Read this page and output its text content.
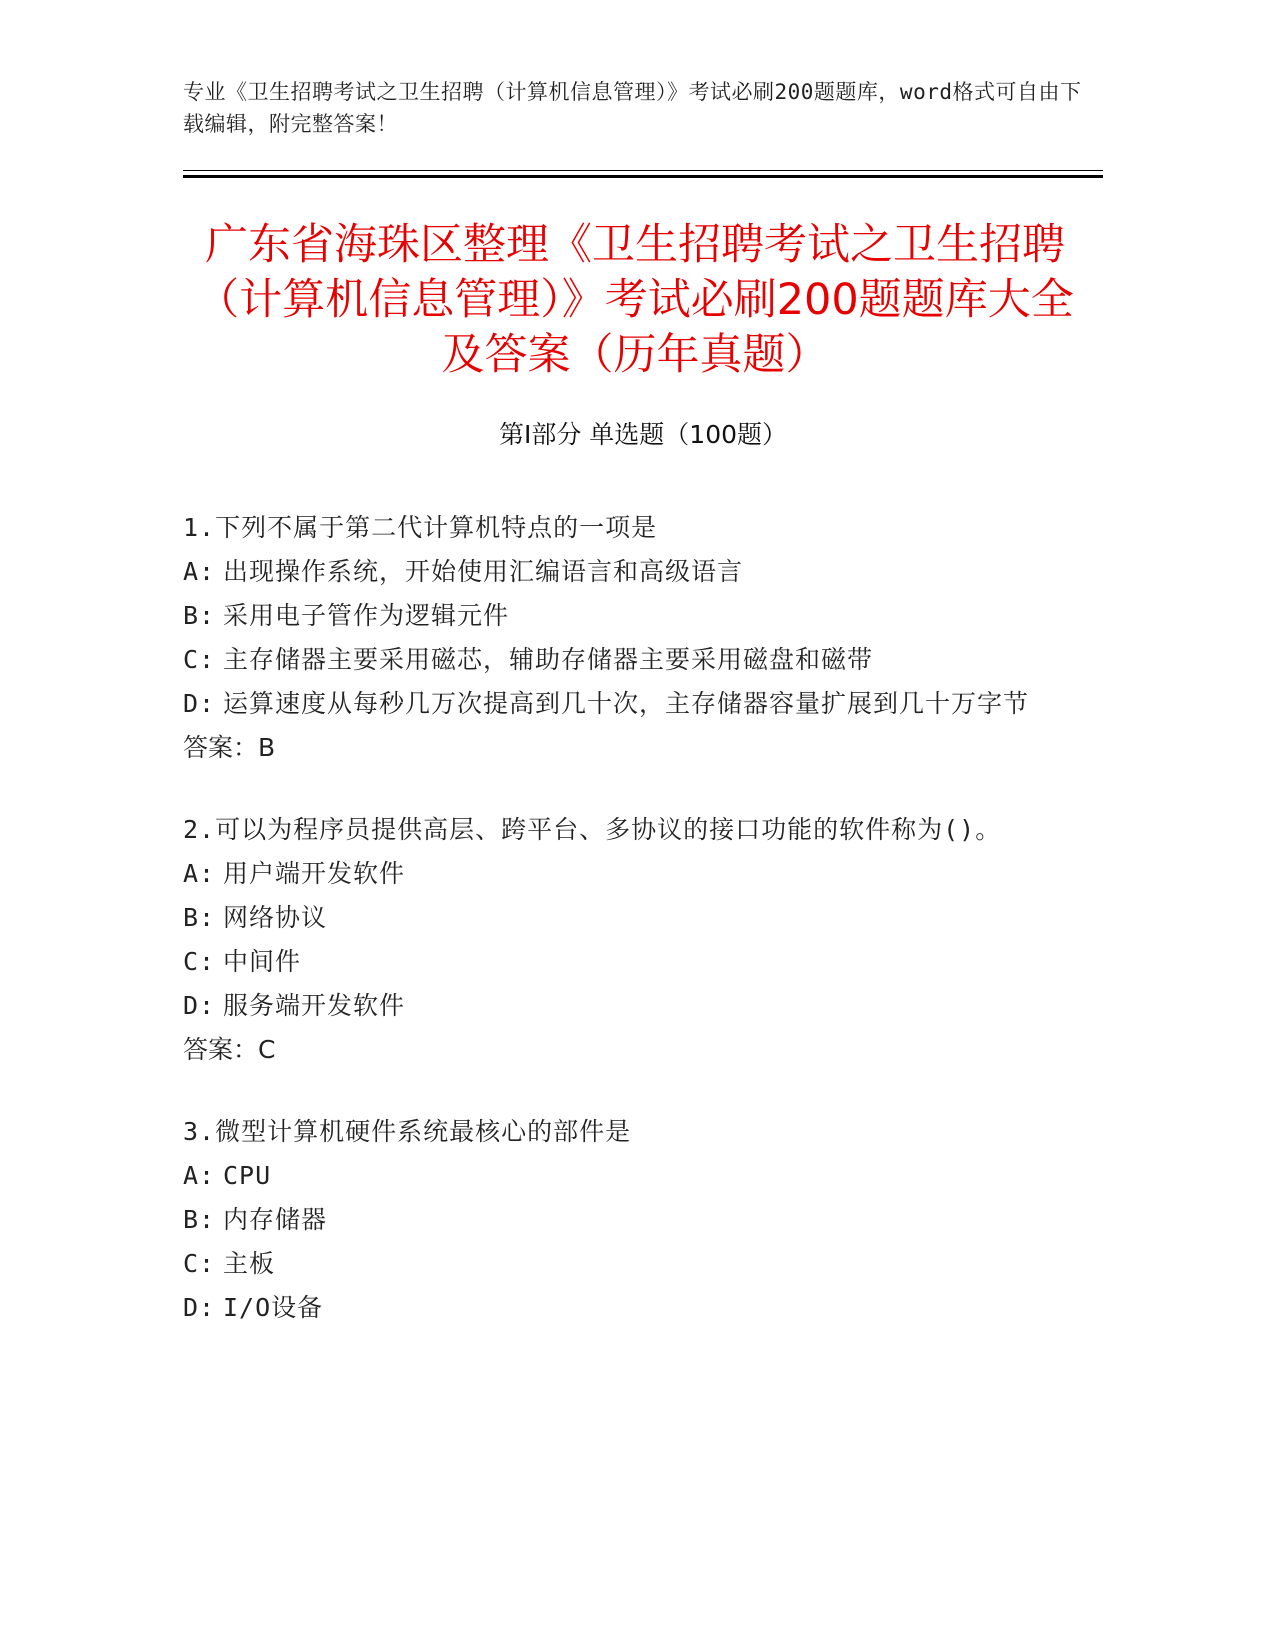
专业《卫生招聘考试之卫生招聘（计算机信息管理）》考试必刷200题题库，word格式可自由下载编辑，附完整答案！
广东省海珠区整理《卫生招聘考试之卫生招聘（计算机信息管理）》考试必刷200题题库大全及答案（历年真题）
第Ⅰ部分 单选题（100题）
1.下列不属于第二代计算机特点的一项是
A: 出现操作系统，开始使用汇编语言和高级语言
B: 采用电子管作为逻辑元件
C: 主存储器主要采用磁芯，辅助存储器主要采用磁盘和磁带
D: 运算速度从每秒几万次提高到几十次，主存储器容量扩展到几十万字节
答案：B
2.可以为程序员提供高层、跨平台、多协议的接口功能的软件称为()。
A: 用户端开发软件
B: 网络协议
C: 中间件
D: 服务端开发软件
答案：C
3.微型计算机硬件系统最核心的部件是
A: CPU
B: 内存储器
C: 主板
D: I/O设备
